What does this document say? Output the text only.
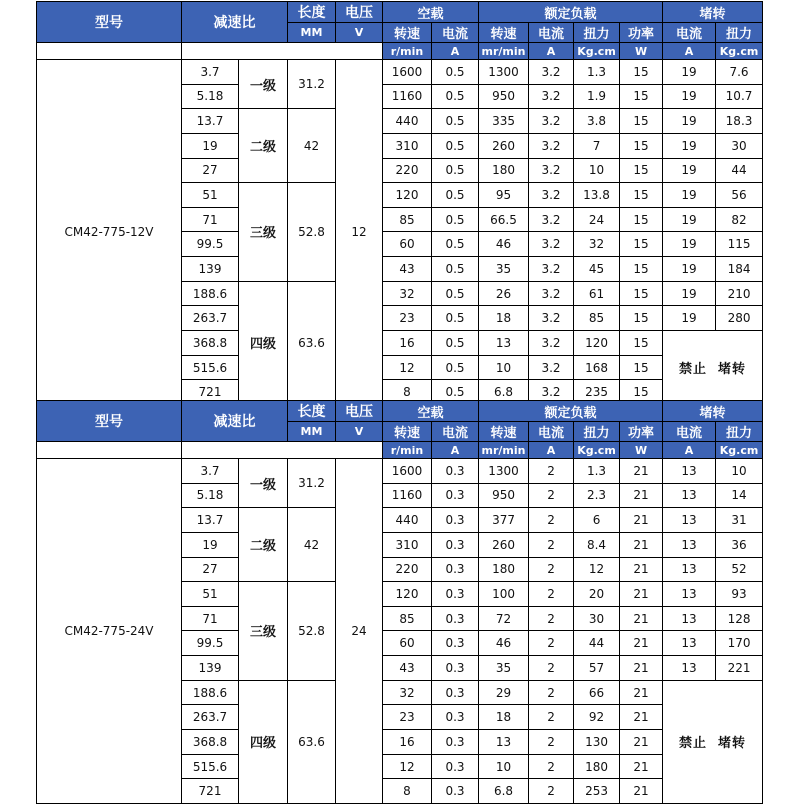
型号	减速比		长度	电压	空载		额定负载				堵转	
			MM	V	转速	电流	转速	电流	扭力	功率	电流	扭力
					r/min	A	mr/min	A	Kg.cm	W	A	Kg.cm
CM42-775-12V	3.7	一级	31.2	12	1600	0.5	1300	3.2	1.3	15	19	7.6
	5.18				1160	0.5	950	3.2	1.9	15	19	10.7
	13.7	二级	42		440	0.5	335	3.2	3.8	15	19	18.3
	19				310	0.5	260	3.2	7	15	19	30
	27				220	0.5	180	3.2	10	15	19	44
	51	三级	52.8		120	0.5	95	3.2	13.8	15	19	56
	71				85	0.5	66.5	3.2	24	15	19	82
	99.5				60	0.5	46	3.2	32	15	19	115
	139				43	0.5	35	3.2	45	15	19	184
	188.6	四级	63.6		32	0.5	26	3.2	61	15	19	210
	263.7				23	0.5	18	3.2	85	15	19	280
	368.8				16	0.5	13	3.2	120	15	禁止  堵转	
	515.6				12	0.5	10	3.2	168	15		
	721				8	0.5	6.8	3.2	235	15		
型号	减速比		长度	电压	空载		额定负载				堵转	
			MM	V	转速	电流	转速	电流	扭力	功率	电流	扭力
					r/min	A	mr/min	A	Kg.cm	W	A	Kg.cm
CM42-775-24V	3.7	一级	31.2	24	1600	0.3	1300	2	1.3	21	13	10
	5.18				1160	0.3	950	2	2.3	21	13	14
	13.7	二级	42		440	0.3	377	2	6	21	13	31
	19				310	0.3	260	2	8.4	21	13	36
	27				220	0.3	180	2	12	21	13	52
	51	三级	52.8		120	0.3	100	2	20	21	13	93
	71				85	0.3	72	2	30	21	13	128
	99.5				60	0.3	46	2	44	21	13	170
	139				43	0.3	35	2	57	21	13	221
	188.6	四级	63.6		32	0.3	29	2	66	21	禁止  堵转	
	263.7				23	0.3	18	2	92	21		
	368.8				16	0.3	13	2	130	21		
	515.6				12	0.3	10	2	180	21		
	721				8	0.3	6.8	2	253	21		
